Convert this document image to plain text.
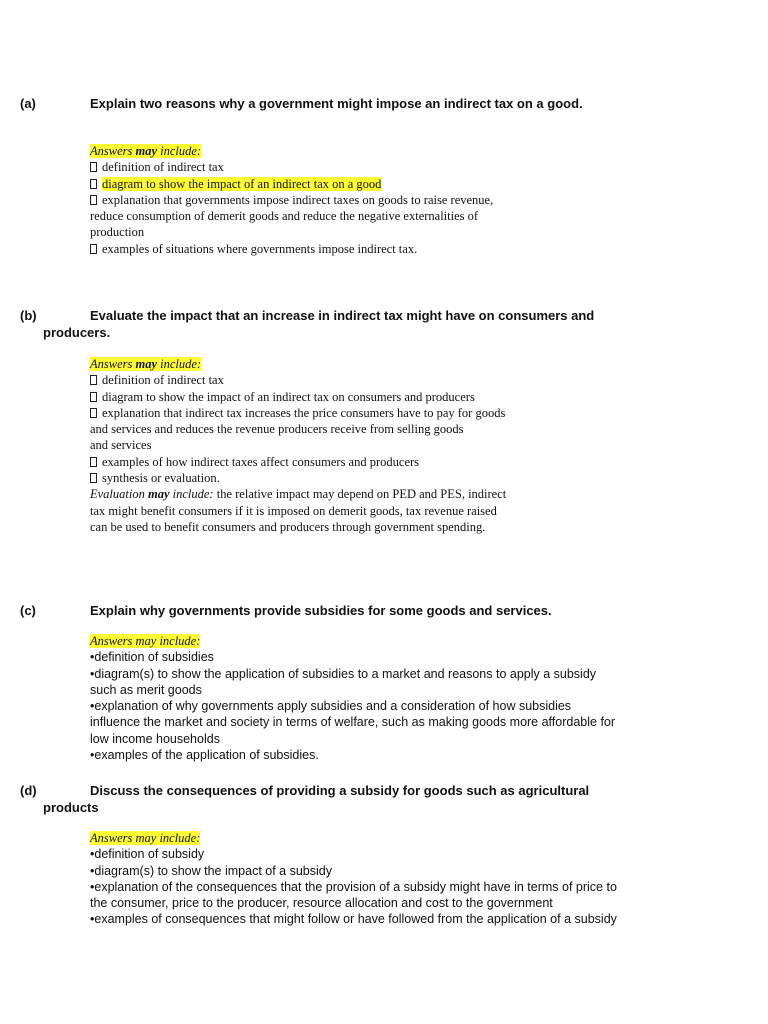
(a)	Explain two reasons why a government might impose an indirect tax on a good.
Answers may include:
definition of indirect tax
diagram to show the impact of an indirect tax on a good
explanation that governments impose indirect taxes on goods to raise revenue,
reduce consumption of demerit goods and reduce the negative externalities of
production
examples of situations where governments impose indirect tax.
(b)	Evaluate the impact that an increase in indirect tax might have on consumers and
producers.
Answers may include:
definition of indirect tax
diagram to show the impact of an indirect tax on consumers and producers
explanation that indirect tax increases the price consumers have to pay for goods
and services and reduces the revenue producers receive from selling goods
and services
examples of how indirect taxes affect consumers and producers
synthesis or evaluation.
Evaluation may include: the relative impact may depend on PED and PES, indirect
tax might benefit consumers if it is imposed on demerit goods, tax revenue raised
can be used to benefit consumers and producers through government spending.
(c)	Explain why governments provide subsidies for some goods and services.
Answers may include:
•definition of subsidies
•diagram(s) to show the application of subsidies to a market and reasons to apply a subsidy
such as merit goods
•explanation of why governments apply subsidies and a consideration of how subsidies
influence the market and society in terms of welfare, such as making goods more affordable for
low income households
•examples of the application of subsidies.
(d)	Discuss the consequences of providing a subsidy for goods such as agricultural
products
Answers may include:
•definition of subsidy
•diagram(s) to show the impact of a subsidy
•explanation of the consequences that the provision of a subsidy might have in terms of price to
the consumer, price to the producer, resource allocation and cost to the government
•examples of consequences that might follow or have followed from the application of a subsidy
